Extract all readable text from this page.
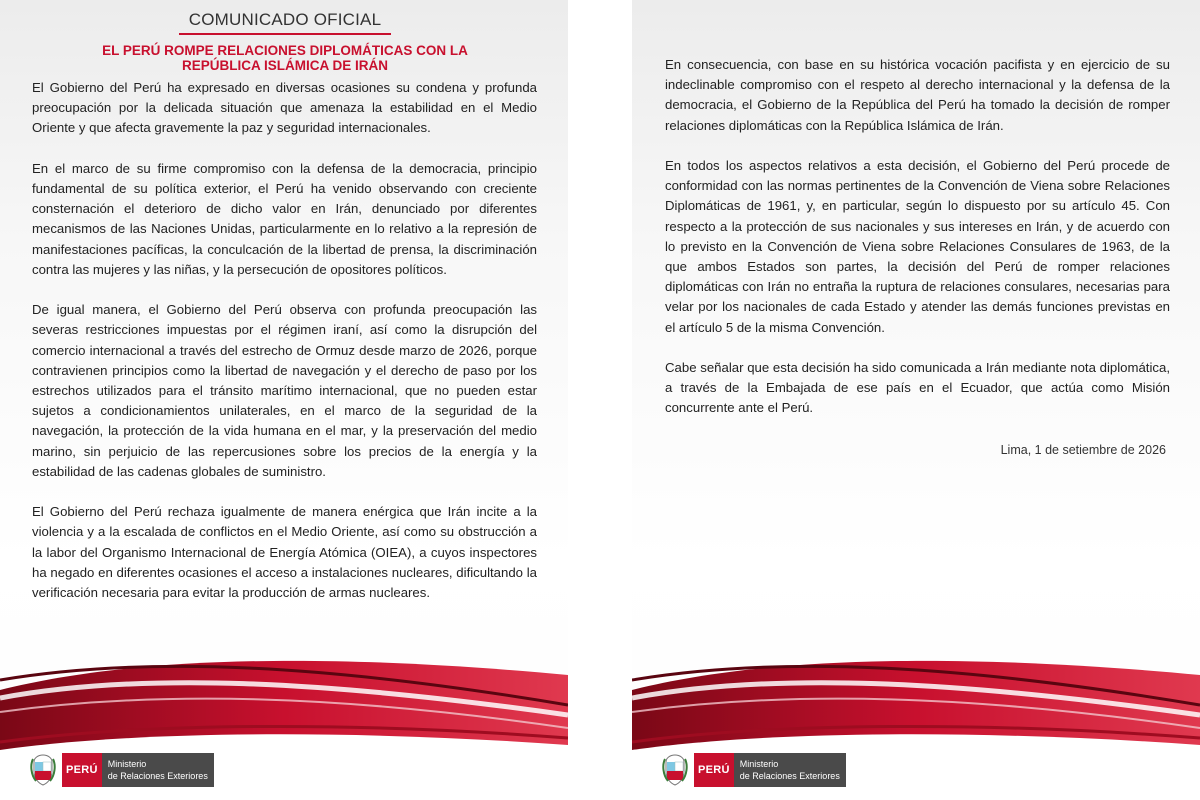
COMUNICADO OFICIAL
EL PERÚ ROMPE RELACIONES DIPLOMÁTICAS CON LA
REPÚBLICA ISLÁMICA DE IRÁN

El Gobierno del Perú ha expresado en diversas ocasiones su condena y profunda preocupación por la delicada situación que amenaza la estabilidad en el Medio Oriente y que afecta gravemente la paz y seguridad internacionales.

En el marco de su firme compromiso con la defensa de la democracia, principio fundamental de su política exterior, el Perú ha venido observando con creciente consternación el deterioro de dicho valor en Irán, denunciado por diferentes mecanismos de las Naciones Unidas, particularmente en lo relativo a la represión de manifestaciones pacíficas, la conculcación de la libertad de prensa, la discriminación contra las mujeres y las niñas, y la persecución de opositores políticos.

De igual manera, el Gobierno del Perú observa con profunda preocupación las severas restricciones impuestas por el régimen iraní, así como la disrupción del comercio internacional a través del estrecho de Ormuz desde marzo de 2026, porque contravienen principios como la libertad de navegación y el derecho de paso por los estrechos utilizados para el tránsito marítimo internacional, que no pueden estar sujetos a condicionamientos unilaterales, en el marco de la seguridad de la navegación, la protección de la vida humana en el mar, y la preservación del medio marino, sin perjuicio de las repercusiones sobre los precios de la energía y la estabilidad de las cadenas globales de suministro.

El Gobierno del Perú rechaza igualmente de manera enérgica que Irán incite a la violencia y a la escalada de conflictos en el Medio Oriente, así como su obstrucción a la labor del Organismo Internacional de Energía Atómica (OIEA), a cuyos inspectores ha negado en diferentes ocasiones el acceso a instalaciones nucleares, dificultando la verificación necesaria para evitar la producción de armas nucleares.

PERÚ	Ministerio
de Relaciones Exteriores

En consecuencia, con base en su histórica vocación pacifista y en ejercicio de su indeclinable compromiso con el respeto al derecho internacional y la defensa de la democracia, el Gobierno de la República del Perú ha tomado la decisión de romper relaciones diplomáticas con la República Islámica de Irán.

En todos los aspectos relativos a esta decisión, el Gobierno del Perú procede de conformidad con las normas pertinentes de la Convención de Viena sobre Relaciones Diplomáticas de 1961, y, en particular, según lo dispuesto por su artículo 45. Con respecto a la protección de sus nacionales y sus intereses en Irán, y de acuerdo con lo previsto en la Convención de Viena sobre Relaciones Consulares de 1963, de la que ambos Estados son partes, la decisión del Perú de romper relaciones diplomáticas con Irán no entraña la ruptura de relaciones consulares, necesarias para velar por los nacionales de cada Estado y atender las demás funciones previstas en el artículo 5 de la misma Convención.

Cabe señalar que esta decisión ha sido comunicada a Irán mediante nota diplomática, a través de la Embajada de ese país en el Ecuador, que actúa como Misión concurrente ante el Perú.

Lima, 1 de setiembre de 2026
PERÚ	Ministerio
de Relaciones Exteriores
